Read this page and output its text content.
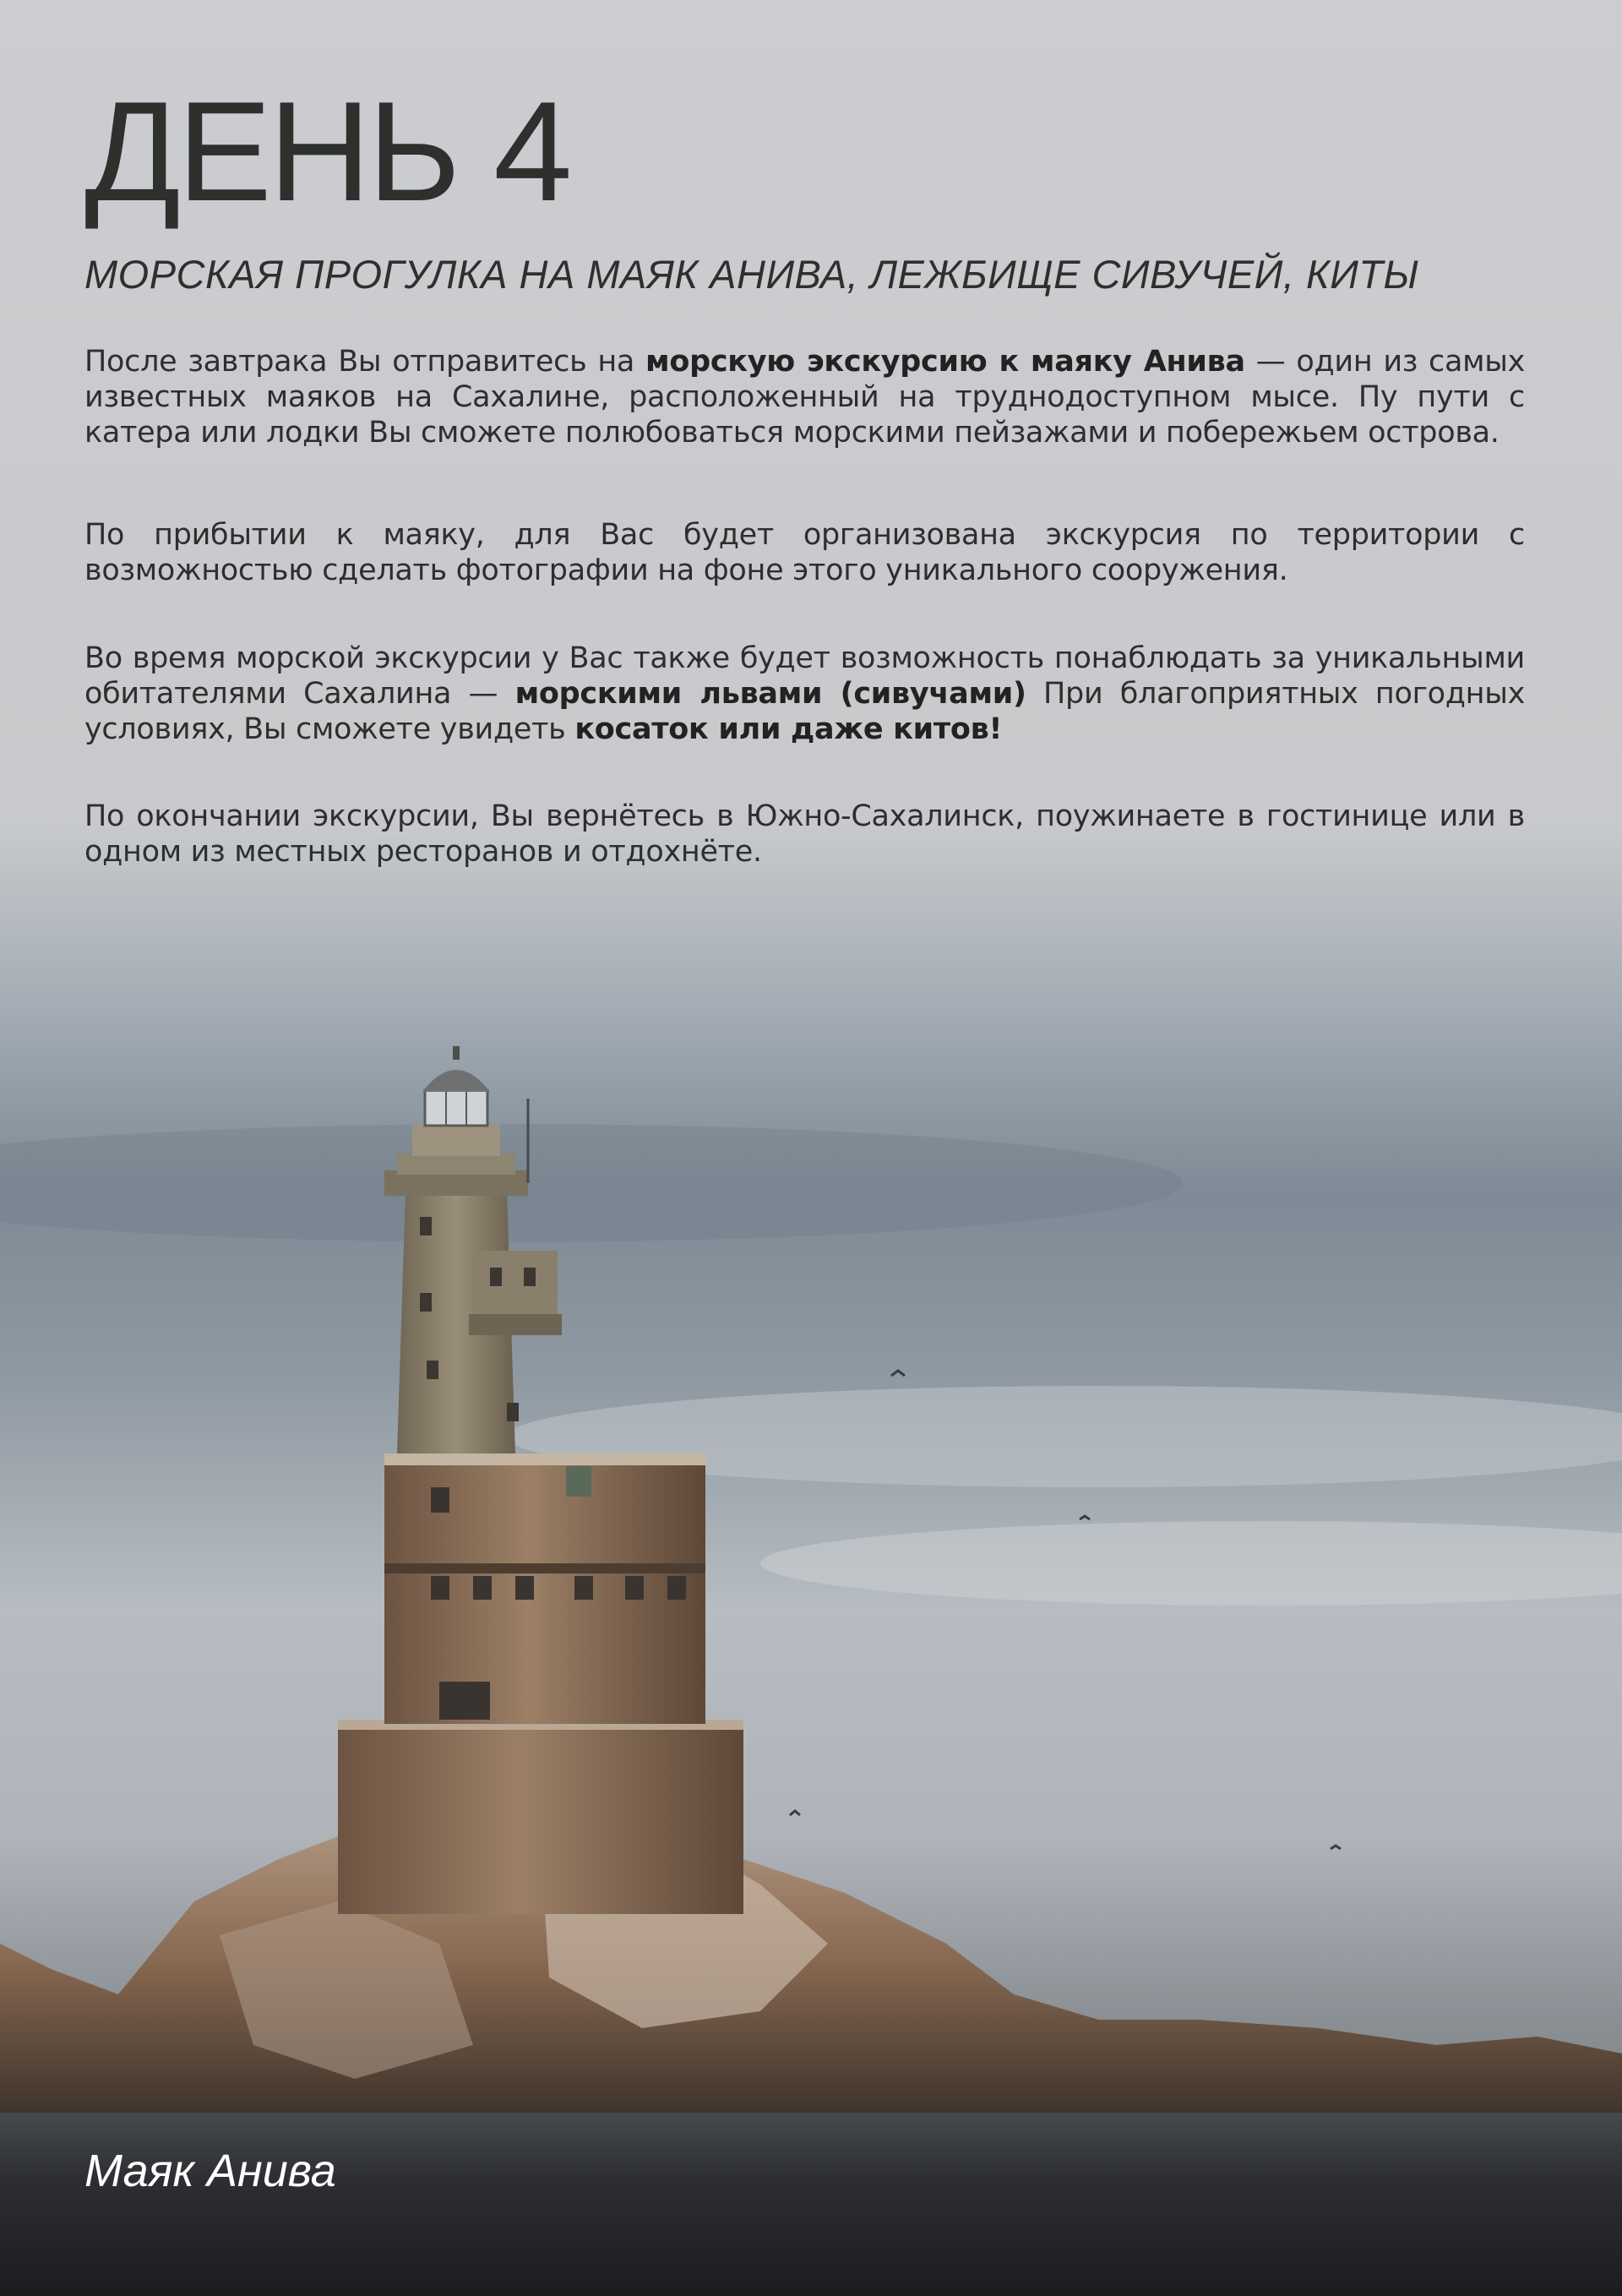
ДЕНЬ 4
МОРСКАЯ ПРОГУЛКА НА МАЯК АНИВА, ЛЕЖБИЩЕ СИВУЧЕЙ, КИТЫ

После завтрака Вы отправитесь на морскую экскурсию к маяку Анива — один из самых известных маяков на Сахалине, расположенный на труднодоступном мысе. Пу пути с катера или лодки Вы сможете полюбоваться морскими пейзажами и побережьем острова.

По прибытии к маяку, для Вас будет организована экскурсия по территории с возможностью сделать фотографии на фоне этого уникального сооружения.

Во время морской экскурсии у Вас также будет возможность понаблюдать за уникальными обитателями Сахалина — морскими львами (сивучами) При благоприятных погодных условиях, Вы сможете увидеть косаток или даже китов!

По окончании экскурсии, Вы вернётесь в Южно-Сахалинск, поужинаете в гостинице или в одном из местных ресторанов и отдохнёте.

Маяк Анива
